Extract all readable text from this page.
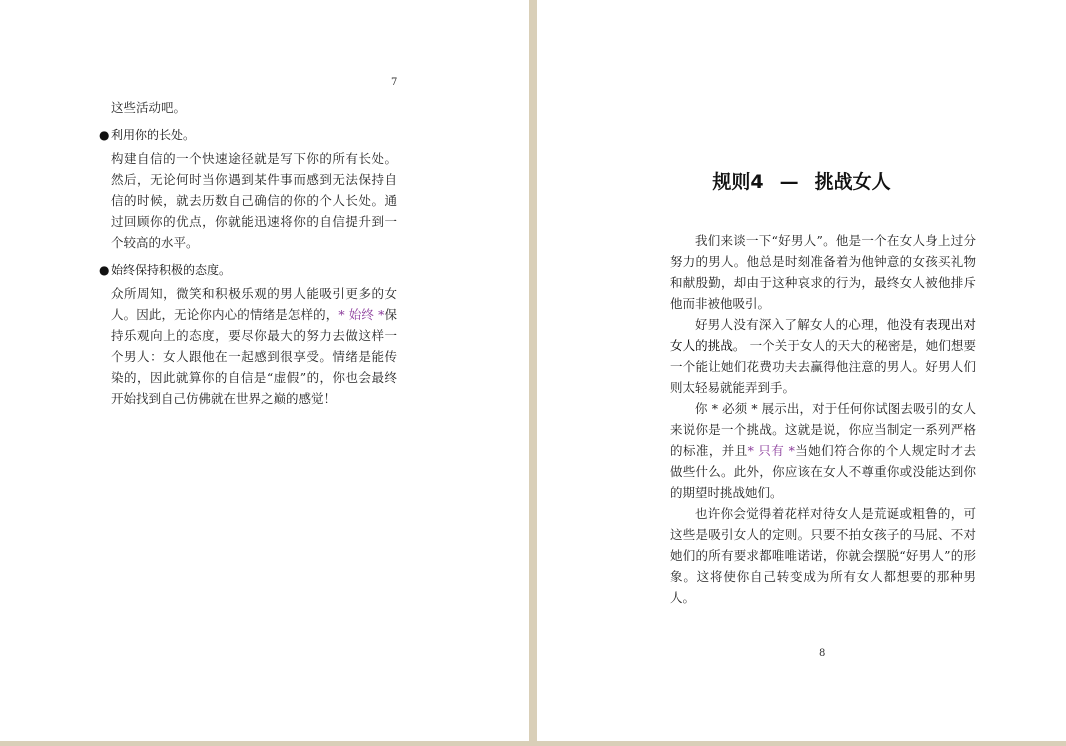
7

这些活动吧。

● 利用你的长处。

构建自信的一个快速途径就是写下你的所有长处。然后，无论何时当你遇到某件事而感到无法保持自信的时候，就去历数自己确信的你的个人长处。通过回顾你的优点，你就能迅速将你的自信提升到一个较高的水平。

● 始终保持积极的态度。

众所周知，微笑和积极乐观的男人能吸引更多的女人。因此，无论你内心的情绪是怎样的，* 始终 *保持乐观向上的态度，要尽你最大的努力去做这样一个男人：女人跟他在一起感到很享受。情绪是能传染的，因此就算你的自信是“虚假”的，你也会最终开始找到自己仿佛就在世界之巅的感觉！

规则4 — 挑战女人

我们来谈一下“好男人”。他是一个在女人身上过分努力的男人。他总是时刻准备着为他钟意的女孩买礼物和献殷勤，却由于这种哀求的行为，最终女人被他排斥他而非被他吸引。

好男人没有深入了解女人的心理，他没有表现出对女人的挑战。 一个关于女人的天大的秘密是，她们想要一个能让她们花费功夫去赢得他注意的男人。好男人们则太轻易就能弄到手。

你 * 必须 * 展示出，对于任何你试图去吸引的女人来说你是一个挑战。这就是说，你应当制定一系列严格的标准，并且* 只有 *当她们符合你的个人规定时才去做些什么。此外，你应该在女人不尊重你或没能达到你的期望时挑战她们。

也许你会觉得着花样对待女人是荒诞或粗鲁的，可这些是吸引女人的定则。只要不拍女孩子的马屁、不对她们的所有要求都唯唯诺诺，你就会摆脱“好男人”的形象。这将使你自己转变成为所有女人都想要的那种男人。

8
